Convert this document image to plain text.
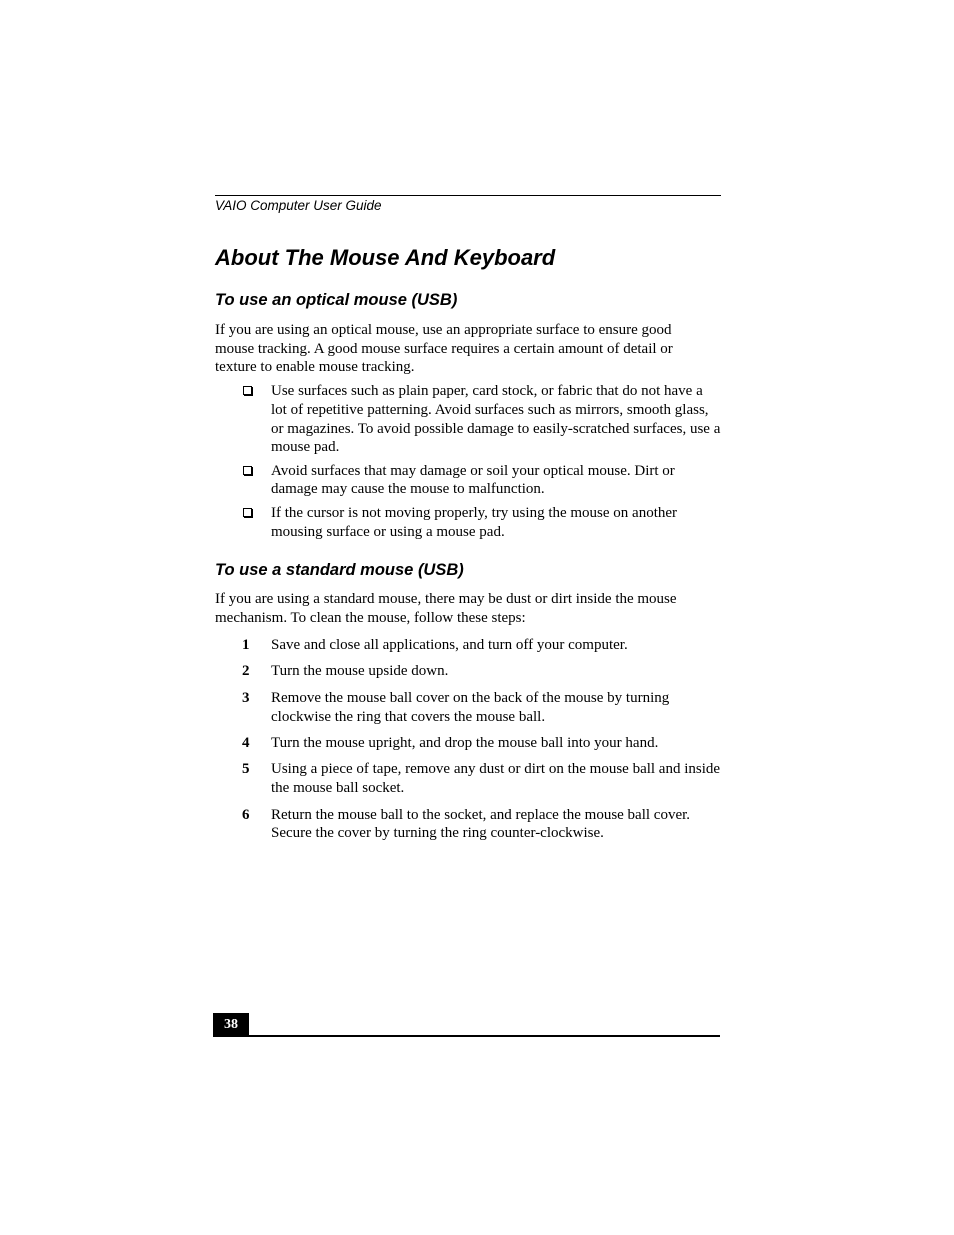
VAIO Computer User Guide
About The Mouse And Keyboard
To use an optical mouse (USB)

If you are using an optical mouse, use an appropriate surface to ensure good mouse tracking. A good mouse surface requires a certain amount of detail or texture to enable mouse tracking.

Use surfaces such as plain paper, card stock, or fabric that do not have a lot of repetitive patterning. Avoid surfaces such as mirrors, smooth glass, or magazines. To avoid possible damage to easily-scratched surfaces, use a mouse pad.
Avoid surfaces that may damage or soil your optical mouse. Dirt or damage may cause the mouse to malfunction.
If the cursor is not moving properly, try using the mouse on another mousing surface or using a mouse pad.
To use a standard mouse (USB)

If you are using a standard mouse, there may be dust or dirt inside the mouse mechanism. To clean the mouse, follow these steps:

1 Save and close all applications, and turn off your computer.
2 Turn the mouse upside down.
3 Remove the mouse ball cover on the back of the mouse by turning clockwise the ring that covers the mouse ball.
4 Turn the mouse upright, and drop the mouse ball into your hand.
5 Using a piece of tape, remove any dust or dirt on the mouse ball and inside the mouse ball socket.
6 Return the mouse ball to the socket, and replace the mouse ball cover. Secure the cover by turning the ring counter-clockwise.
38
